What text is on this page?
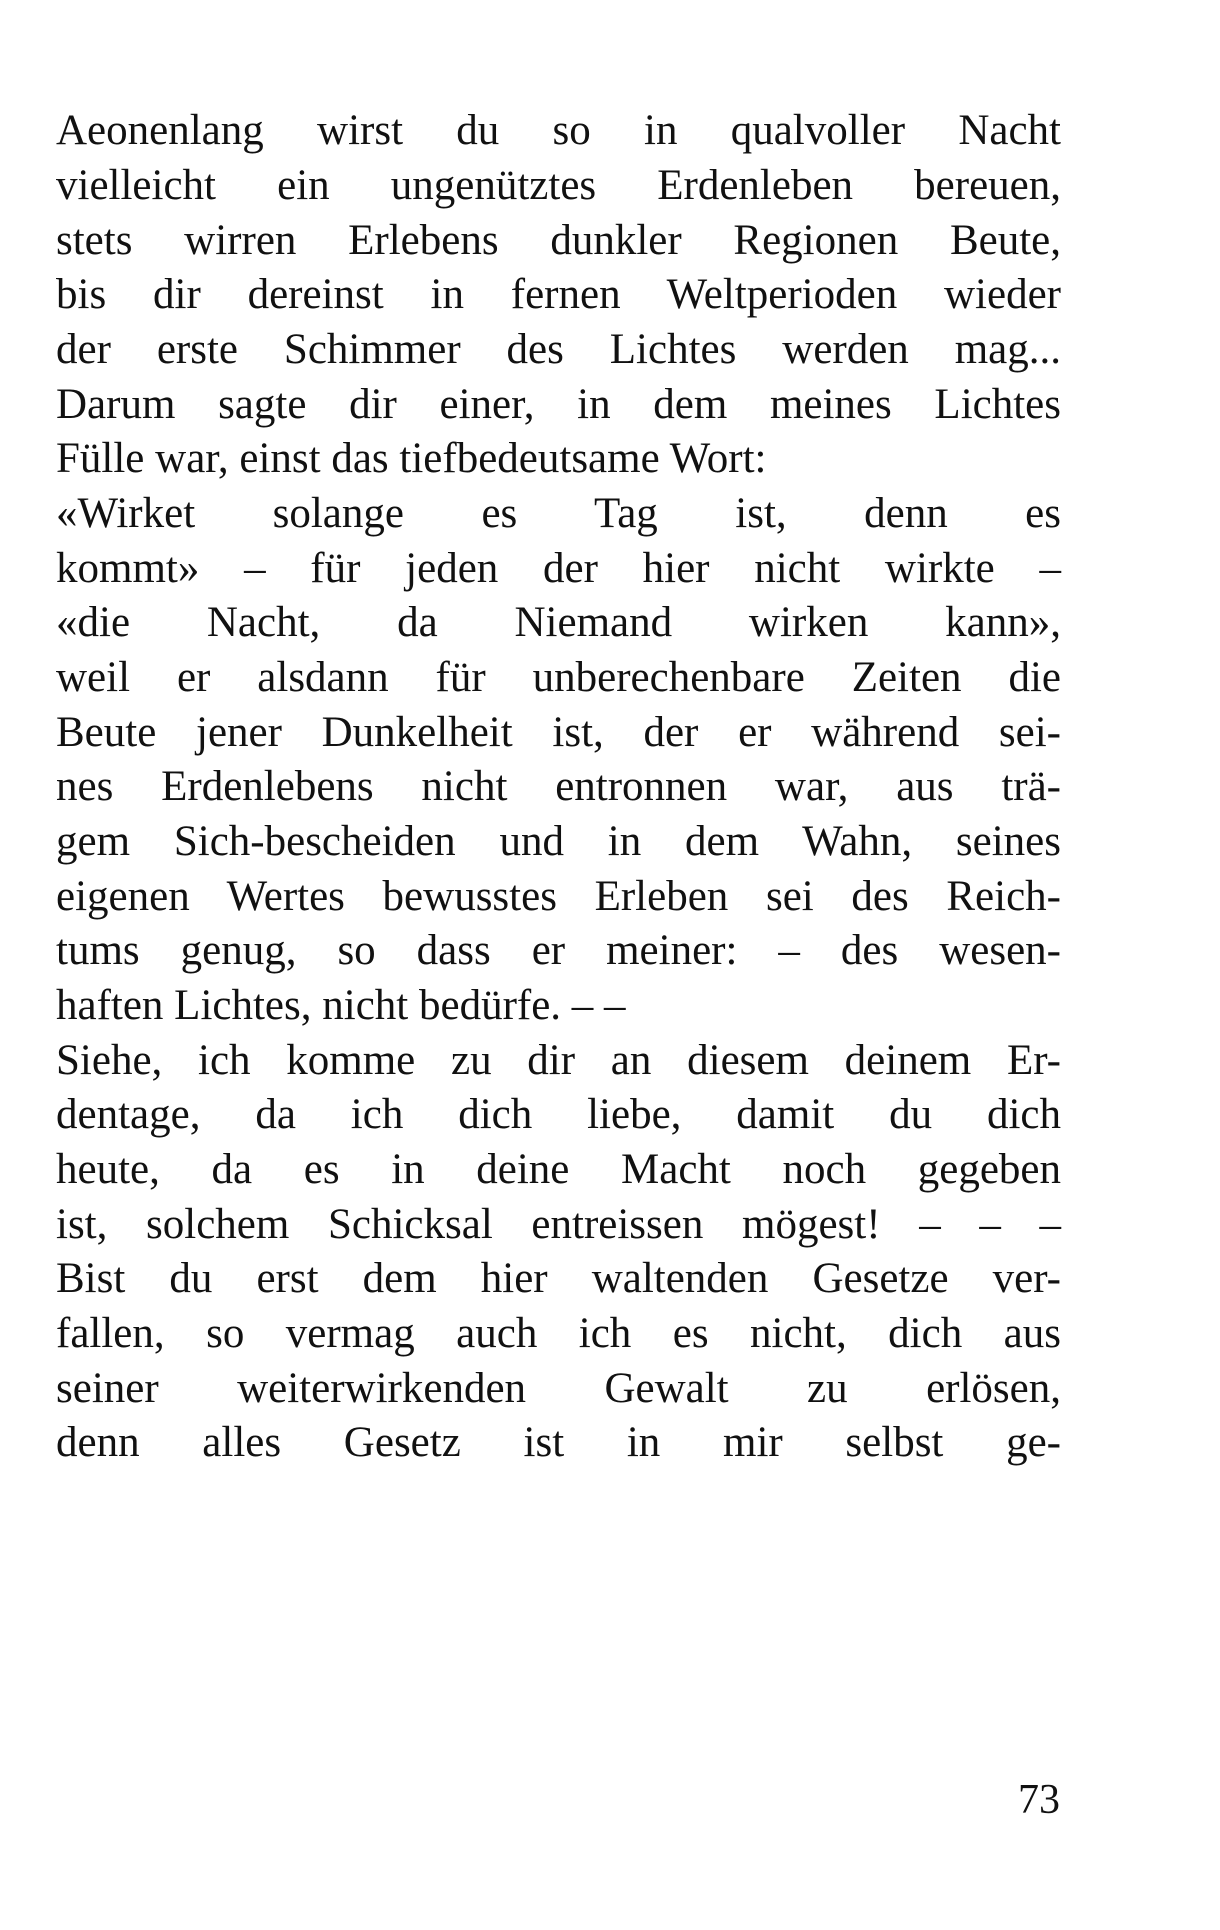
Aeonenlang wirst du so in qualvoller Nacht
vielleicht ein ungenütztes Erdenleben bereuen,
stets wirren Erlebens dunkler Regionen Beute,
bis dir dereinst in fernen Weltperioden wieder
der erste Schimmer des Lichtes werden mag...
Darum sagte dir einer, in dem meines Lichtes
Fülle war, einst das tiefbedeutsame Wort:
«Wirket solange es Tag ist, denn es
kommt» – für jeden der hier nicht wirkte –
«die Nacht, da Niemand wirken kann»,
weil er alsdann für unberechenbare Zeiten die
Beute jener Dunkelheit ist, der er während sei-
nes Erdenlebens nicht entronnen war, aus trä-
gem Sich-bescheiden und in dem Wahn, seines
eigenen Wertes bewusstes Erleben sei des Reich-
tums genug, so dass er meiner: – des wesen-
haften Lichtes, nicht bedürfe. – –
Siehe, ich komme zu dir an diesem deinem Er-
dentage, da ich dich liebe, damit du dich
heute, da es in deine Macht noch gegeben
ist, solchem Schicksal entreissen mögest! – – –
Bist du erst dem hier waltenden Gesetze ver-
fallen, so vermag auch ich es nicht, dich aus
seiner weiterwirkenden Gewalt zu erlösen,
denn alles Gesetz ist in mir selbst ge-
73
